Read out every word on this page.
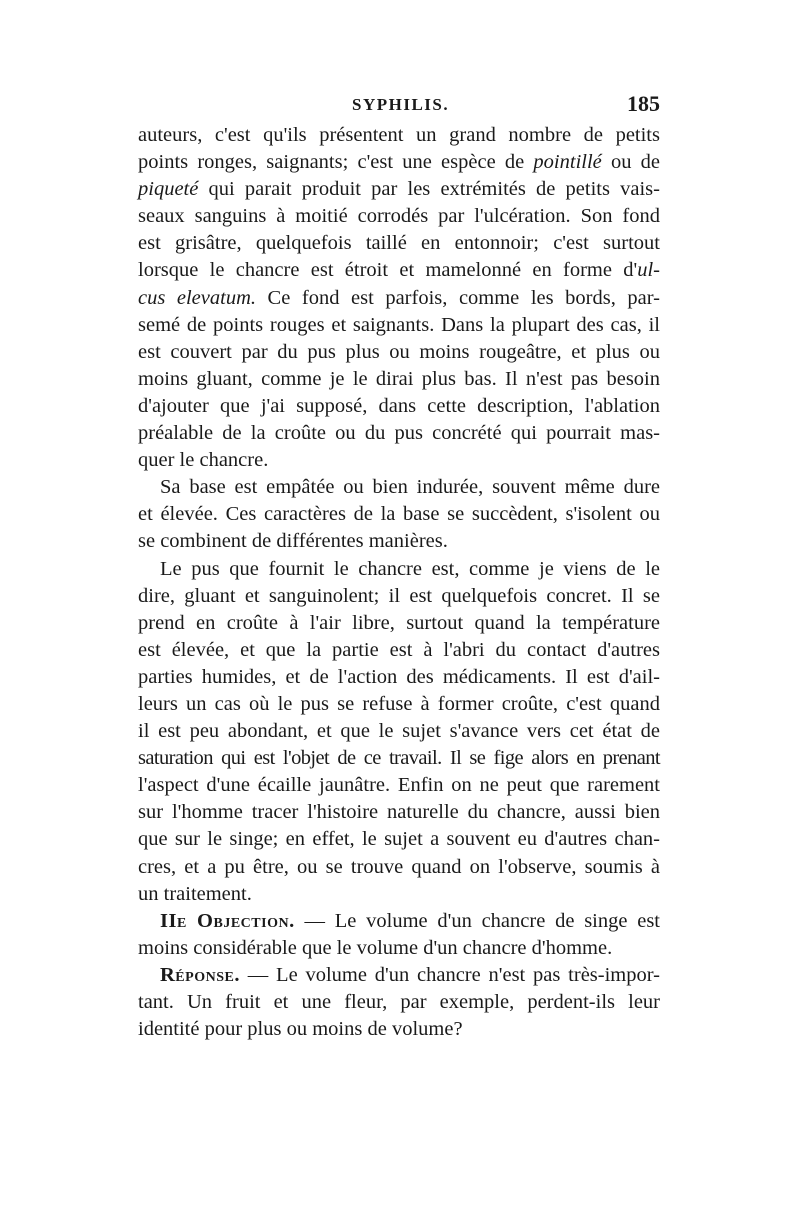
SYPHILIS.	185
auteurs, c'est qu'ils présentent un grand nombre de petits
points ronges, saignants; c'est une espèce de pointillé ou de
piqueté qui parait produit par les extrémités de petits vais-
seaux sanguins à moitié corrodés par l'ulcération. Son fond
est grisâtre, quelquefois taillé en entonnoir; c'est surtout
lorsque le chancre est étroit et mamelonné en forme d'ul-
cus elevatum. Ce fond est parfois, comme les bords, par-
semé de points rouges et saignants. Dans la plupart des cas, il
est couvert par du pus plus ou moins rougeâtre, et plus ou
moins gluant, comme je le dirai plus bas. Il n'est pas besoin
d'ajouter que j'ai supposé, dans cette description, l'ablation
préalable de la croûte ou du pus concrété qui pourrait mas-
quer le chancre.
Sa base est empâtée ou bien indurée, souvent même dure
et élevée. Ces caractères de la base se succèdent, s'isolent ou
se combinent de différentes manières.
Le pus que fournit le chancre est, comme je viens de le
dire, gluant et sanguinolent; il est quelquefois concret. Il se
prend en croûte à l'air libre, surtout quand la température
est élevée, et que la partie est à l'abri du contact d'autres
parties humides, et de l'action des médicaments. Il est d'ail-
leurs un cas où le pus se refuse à former croûte, c'est quand
il est peu abondant, et que le sujet s'avance vers cet état de
saturation qui est l'objet de ce travail. Il se fige alors en prenant
l'aspect d'une écaille jaunâtre. Enfin on ne peut que rarement
sur l'homme tracer l'histoire naturelle du chancre, aussi bien
que sur le singe; en effet, le sujet a souvent eu d'autres chan-
cres, et a pu être, ou se trouve quand on l'observe, soumis à
un traitement.
IIe Objection. — Le volume d'un chancre de singe est
moins considérable que le volume d'un chancre d'homme.
Réponse. — Le volume d'un chancre n'est pas très-impor-
tant. Un fruit et une fleur, par exemple, perdent-ils leur
identité pour plus ou moins de volume?
